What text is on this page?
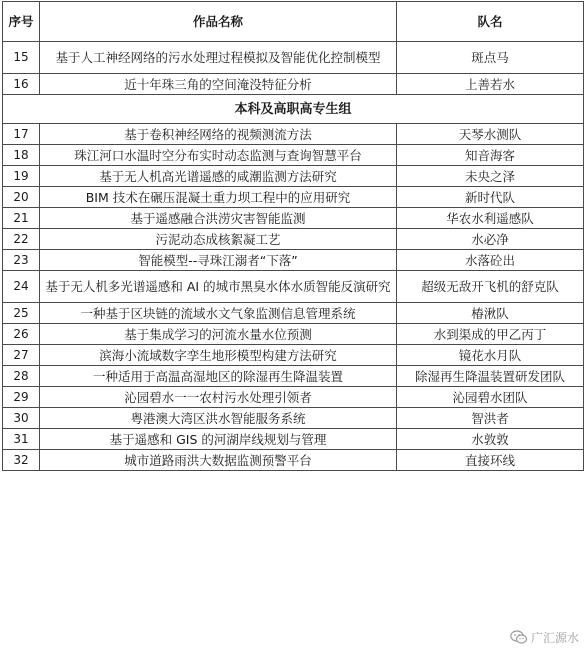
序号	作品名称	队名
15	基于人工神经网络的污水处理过程模拟及智能优化控制模型	斑点马
16	近十年珠三角的空间淹没特征分析	上善若水
本科及高职高专生组		
17	基于卷积神经网络的视频测流方法	天琴水测队
18	珠江河口水温时空分布实时动态监测与查询智慧平台	知音海客
19	基于无人机高光谱遥感的咸潮监测方法研究	未央之泽
20	BIM 技术在碾压混凝土重力坝工程中的应用研究	新时代队
21	基于遥感融合洪涝灾害智能监测	华农水利遥感队
22	污泥动态成核絮凝工艺	水必净
23	智能模型--寻珠江溺者“下落”	水落砼出
24	基于无人机多光谱遥感和 AI 的城市黑臭水体水质智能反演研究	超级无敌开飞机的舒克队
25	一种基于区块链的流域水文气象监测信息管理系统	椿湫队
26	基于集成学习的河流水量水位预测	水到渠成的甲乙丙丁
27	滨海小流域数字孪生地形模型构建方法研究	镜花水月队
28	一种适用于高温高湿地区的除湿再生降温装置	除湿再生降温装置研发团队
29	沁园碧水一一农村污水处理引领者	沁园碧水团队
30	粤港澳大湾区洪水智能服务系统	智洪者
31	基于遥感和 GIS 的河湖岸线规划与管理	水敦敦
32	城市道路雨洪大数据监测预警平台	直接环线
广汇源水
